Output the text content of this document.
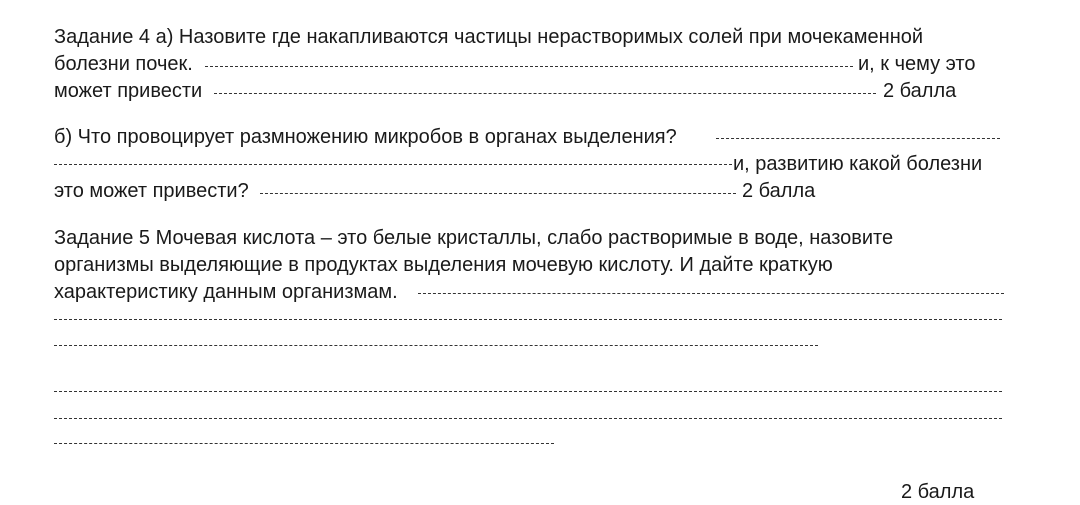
Задание 4 а) Назовите где накапливаются частицы нерастворимых солей при мочекаменной
болезни почек.	и, к чему это
может привести	2 балла
б) Что провоцирует размножению микробов в органах выделения?
и, развитию какой болезни
это может привести?	2 балла
Задание 5 Мочевая кислота – это белые кристаллы, слабо растворимые в воде, назовите
организмы выделяющие в продуктах выделения мочевую кислоту. И дайте краткую
характеристику данным организмам.
2 балла
